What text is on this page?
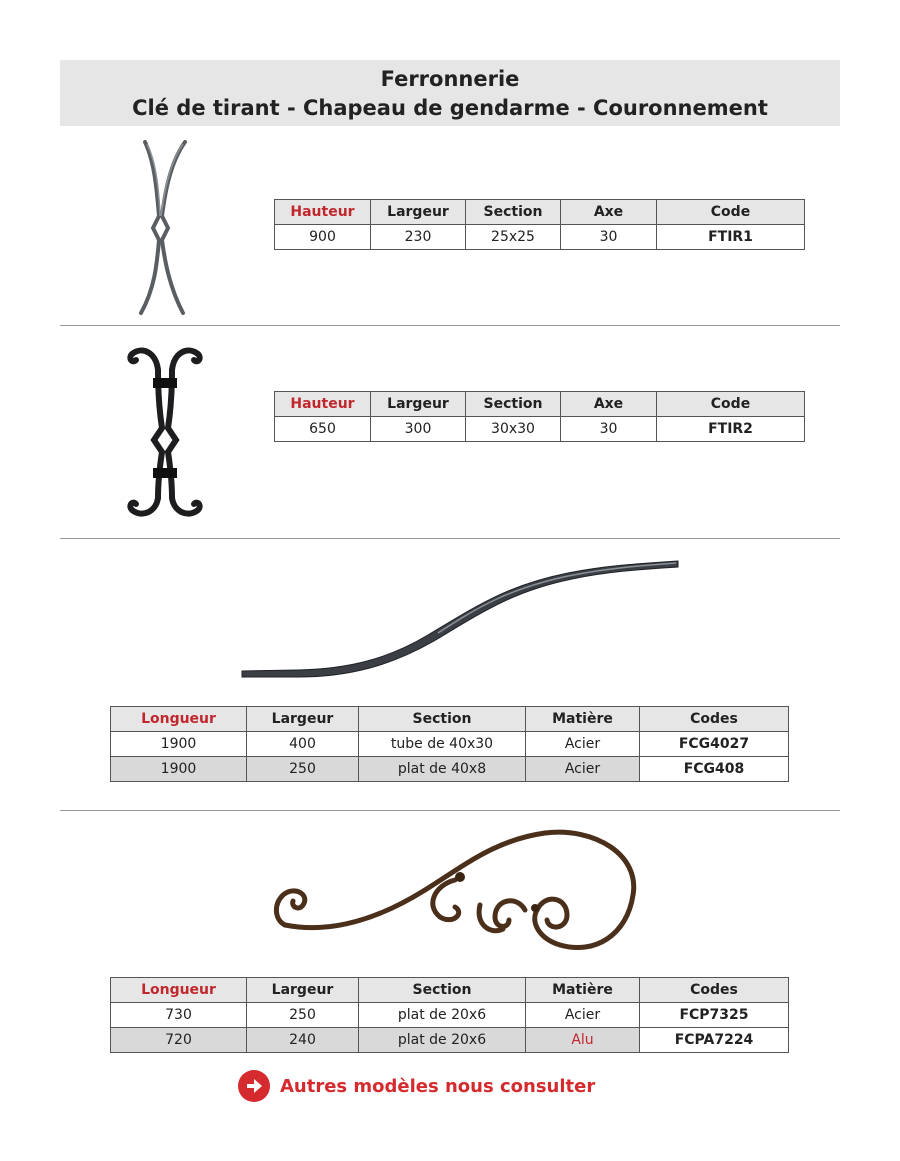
Ferronnerie
Clé de tirant - Chapeau de gendarme - Couronnement
Hauteur	Largeur	Section	Axe	Code
900	230	25x25	30	FTIR1
Hauteur	Largeur	Section	Axe	Code
650	300	30x30	30	FTIR2
Longueur	Largeur	Section	Matière	Codes
1900	400	tube de 40x30	Acier	FCG4027
1900	250	plat de 40x8	Acier	FCG408
Longueur	Largeur	Section	Matière	Codes
730	250	plat de 20x6	Acier	FCP7325
720	240	plat de 20x6	Alu	FCPA7224
Autres modèles nous consulter
